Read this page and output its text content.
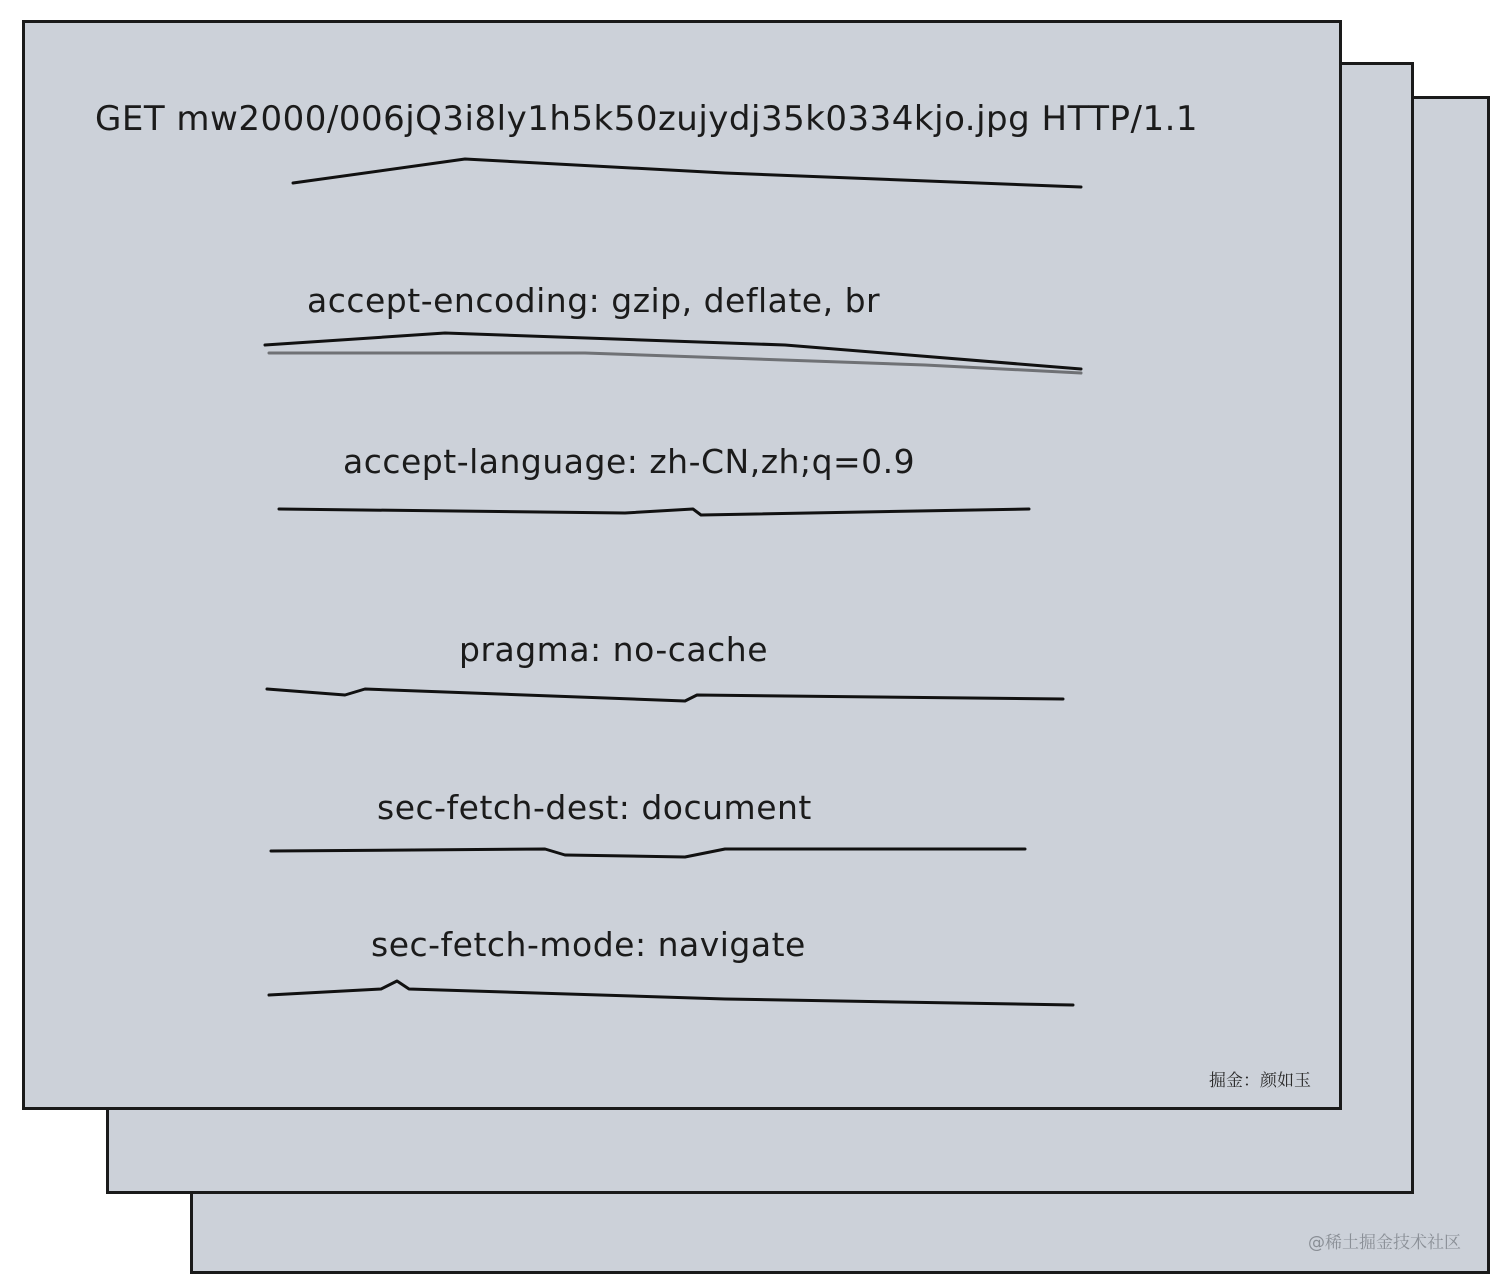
@稀土掘金技术社区
GET mw2000/006jQ3i8ly1h5k50zujydj35k0334kjo.jpg HTTP/1.1
accept-encoding: gzip, deflate, br
accept-language: zh-CN,zh;q=0.9
pragma: no-cache
sec-fetch-dest: document
sec-fetch-mode: navigate
掘金：颜如玉
